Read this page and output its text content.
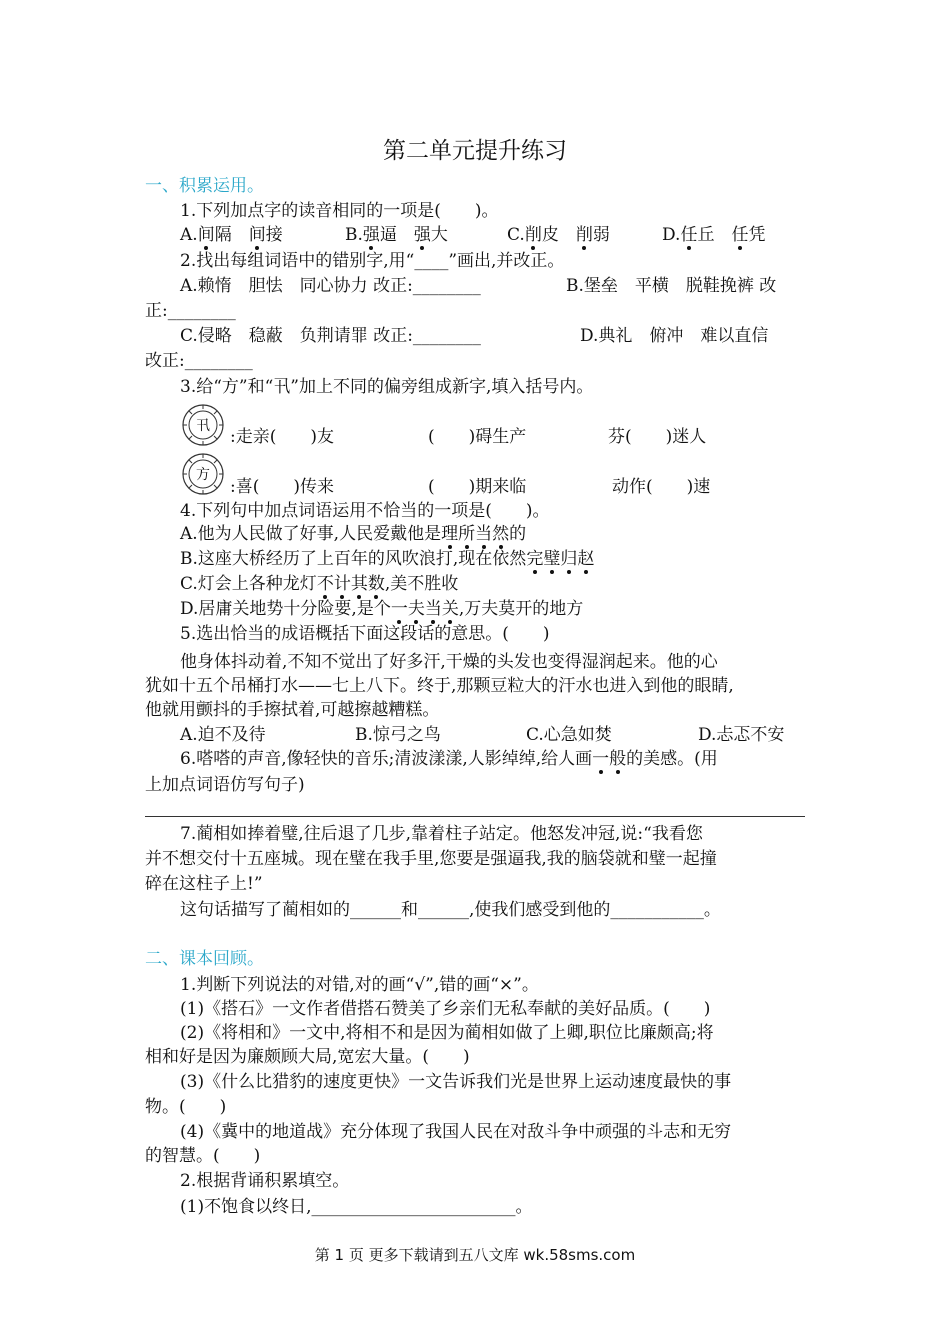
第二单元提升练习
一、积累运用。
1.下列加点字的读音相同的一项是(　　)。
A.间隔　间接	B.强逼　强大	C.削皮　削弱	D.任丘　任凭
2.找出每组词语中的错别字,用“____”画出,并改正。
A.赖惰　胆怯　同心协力 改正:________	B.堡垒　平横　脱鞋挽裤 改
正:________
C.侵略　稳蔽　负荆请罪 改正:________	D.典礼　俯冲　难以直信
改正:________
3.给“方”和“卂”加上不同的偏旁组成新字,填入括号内。
卂
:走亲(　　)友	(　　)碍生产	芬(　　)迷人
方
:喜(　　)传来	(　　)期来临	动作(　　)速
4.下列句中加点词语运用不恰当的一项是(　　)。
A.他为人民做了好事,人民爱戴他是理所当然的
B.这座大桥经历了上百年的风吹浪打,现在依然完璧归赵
C.灯会上各种龙灯不计其数,美不胜收
D.居庸关地势十分险要,是个一夫当关,万夫莫开的地方
5.选出恰当的成语概括下面这段话的意思。(　　)
他身体抖动着,不知不觉出了好多汗,干燥的头发也变得湿润起来。他的心
犹如十五个吊桶打水——七上八下。终于,那颗豆粒大的汗水也进入到他的眼睛,
他就用颤抖的手擦拭着,可越擦越糟糕。
A.迫不及待	B.惊弓之鸟	C.心急如焚	D.忐忑不安
6.嗒嗒的声音,像轻快的音乐;清波漾漾,人影绰绰,给人画一般的美感。(用
上加点词语仿写句子)
7.蔺相如捧着璧,往后退了几步,靠着柱子站定。他怒发冲冠,说:“我看您
并不想交付十五座城。现在璧在我手里,您要是强逼我,我的脑袋就和璧一起撞
碎在这柱子上!”
这句话描写了蔺相如的______和______,使我们感受到他的___________。
二、课本回顾。
1.判断下列说法的对错,对的画“√”,错的画“×”。
(1)《搭石》一文作者借搭石赞美了乡亲们无私奉献的美好品质。(　　)
(2)《将相和》一文中,将相不和是因为蔺相如做了上卿,职位比廉颇高;将
相和好是因为廉颇顾大局,宽宏大量。(　　)
(3)《什么比猎豹的速度更快》一文告诉我们光是世界上运动速度最快的事
物。(　　)
(4)《冀中的地道战》充分体现了我国人民在对敌斗争中顽强的斗志和无穷
的智慧。(　　)
2.根据背诵积累填空。
(1)不饱食以终日,________________________。
第 1 页 更多下载请到五八文库 wk.58sms.com
